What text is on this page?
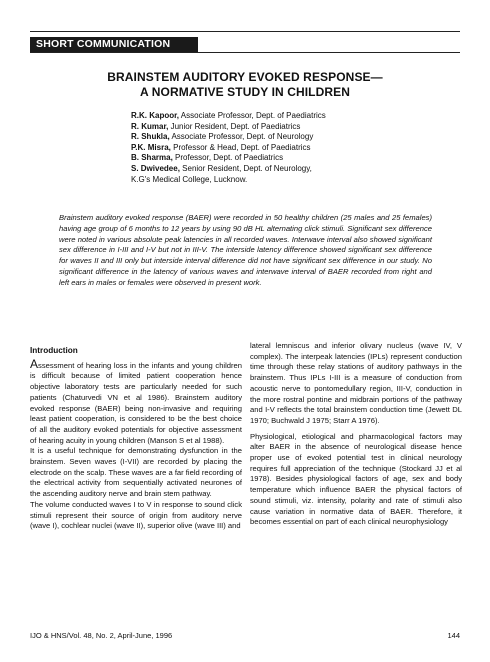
SHORT COMMUNICATION
BRAINSTEM AUDITORY EVOKED RESPONSE—
A NORMATIVE STUDY IN CHILDREN
R.K. Kapoor, Associate Professor, Dept. of Paediatrics
R. Kumar, Junior Resident, Dept. of Paediatrics
R. Shukla, Associate Professor, Dept. of Neurology
P.K. Misra, Professor & Head, Dept. of Paediatrics
B. Sharma, Professor, Dept. of Paediatrics
S. Dwivedee, Senior Resident, Dept. of Neurology,
K.G's Medical College, Lucknow.
Brainstem auditory evoked response (BAER) were recorded in 50 healthy children (25 males and 25 females) having age group of 6 months to 12 years by using 90 dB HL alternating click stimuli. Significant sex difference were noted in various absolute peak latencies in all recorded waves. Interwave interval also showed significant sex difference in I-III and I-V but not in III-V. The interside latency difference showed significant sex difference for waves II and III only but interside interval difference did not have significant sex difference in our study. No significant difference in the latency of various waves and interwave interval of BAER recorded from right and left ears in males or females were observed in present work.

Introduction

Assessment of hearing loss in the infants and young children is difficult because of limited patient cooperation hence objective laboratory tests are particularly needed for such patients (Chaturvedi VN et al 1986). Brainstem auditory evoked response (BAER) being non-invasive and requiring least patient cooperation, is considered to be the best choice of all the auditory evoked potentials for objective assessment of hearing acuity in young children (Manson S et al 1988).

It is a useful technique for demonstrating dysfunction in the brainstem. Seven waves (I-VII) are recorded by placing the electrode on the scalp. These waves are a far field recording of the electrical activity from sequentially activated neurones of the ascending auditory nerve and brain stem pathway.

The volume conducted waves I to V in response to sound click stimuli represent their source of origin from auditory nerve (wave I), cochlear nuclei (wave II), superior olive (wave III) and

lateral lemniscus and inferior olivary nucleus (wave IV, V complex). The interpeak latencies (IPLs) represent conduction time through these relay stations of auditory pathways in the brainstem. Thus IPLs I-III is a measure of conduction from acoustic nerve to pontomedullary region, III-V, conduction in the more rostral pontine and midbrain portions of the pathway and I-V reflects the total brainstem conduction time (Jewett DL 1970; Buchwald J 1975; Starr A 1976).

Physiological, etiological and pharmacological factors may alter BAER in the absence of neurological disease hence proper use of evoked potential test in clinical neurology requires full appreciation of the technique (Stockard JJ et al 1978). Besides physiological factors of age, sex and body temperature which influence BAER the physical factors of sound stimuli, viz. intensity, polarity and rate of stimuli also cause variation in normative data of BAER. Therefore, it becomes essential on part of each clinical neurophysiology

IJO & HNS/Vol. 48, No. 2, April-June, 1996	144
